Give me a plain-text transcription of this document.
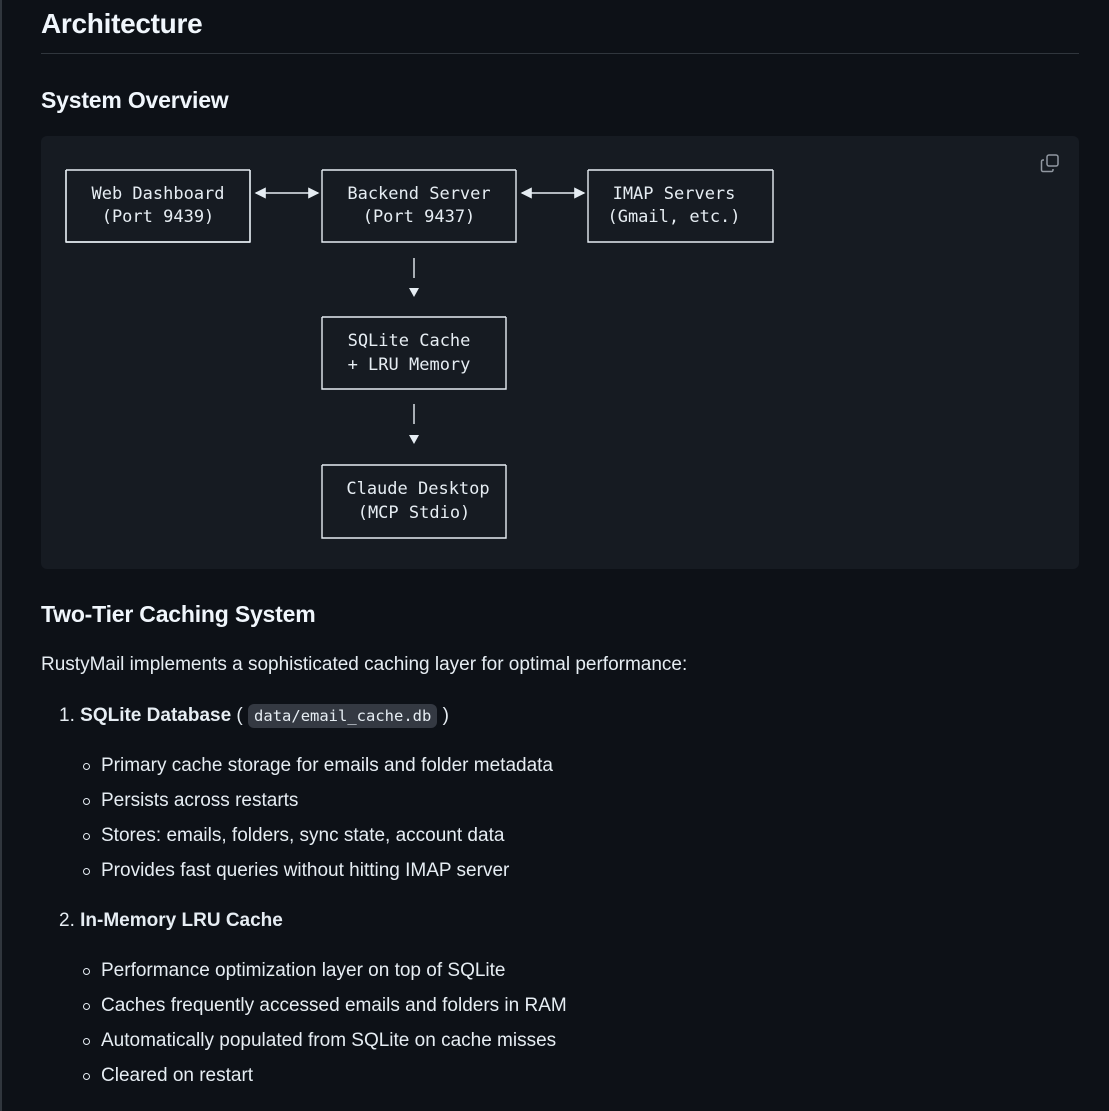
Architecture
System Overview
Web Dashboard
(Port 9439)
Backend Server
(Port 9437)
IMAP Servers
(Gmail, etc.)
SQLite Cache
+ LRU Memory
Claude Desktop
(MCP Stdio)
Two-Tier Caching System

RustyMail implements a sophisticated caching layer for optimal performance:

1. SQLite Database ( data/email_cache.db )
Primary cache storage for emails and folder metadata
Persists across restarts
Stores: emails, folders, sync state, account data
Provides fast queries without hitting IMAP server
2. In-Memory LRU Cache
Performance optimization layer on top of SQLite
Caches frequently accessed emails and folders in RAM
Automatically populated from SQLite on cache misses
Cleared on restart
